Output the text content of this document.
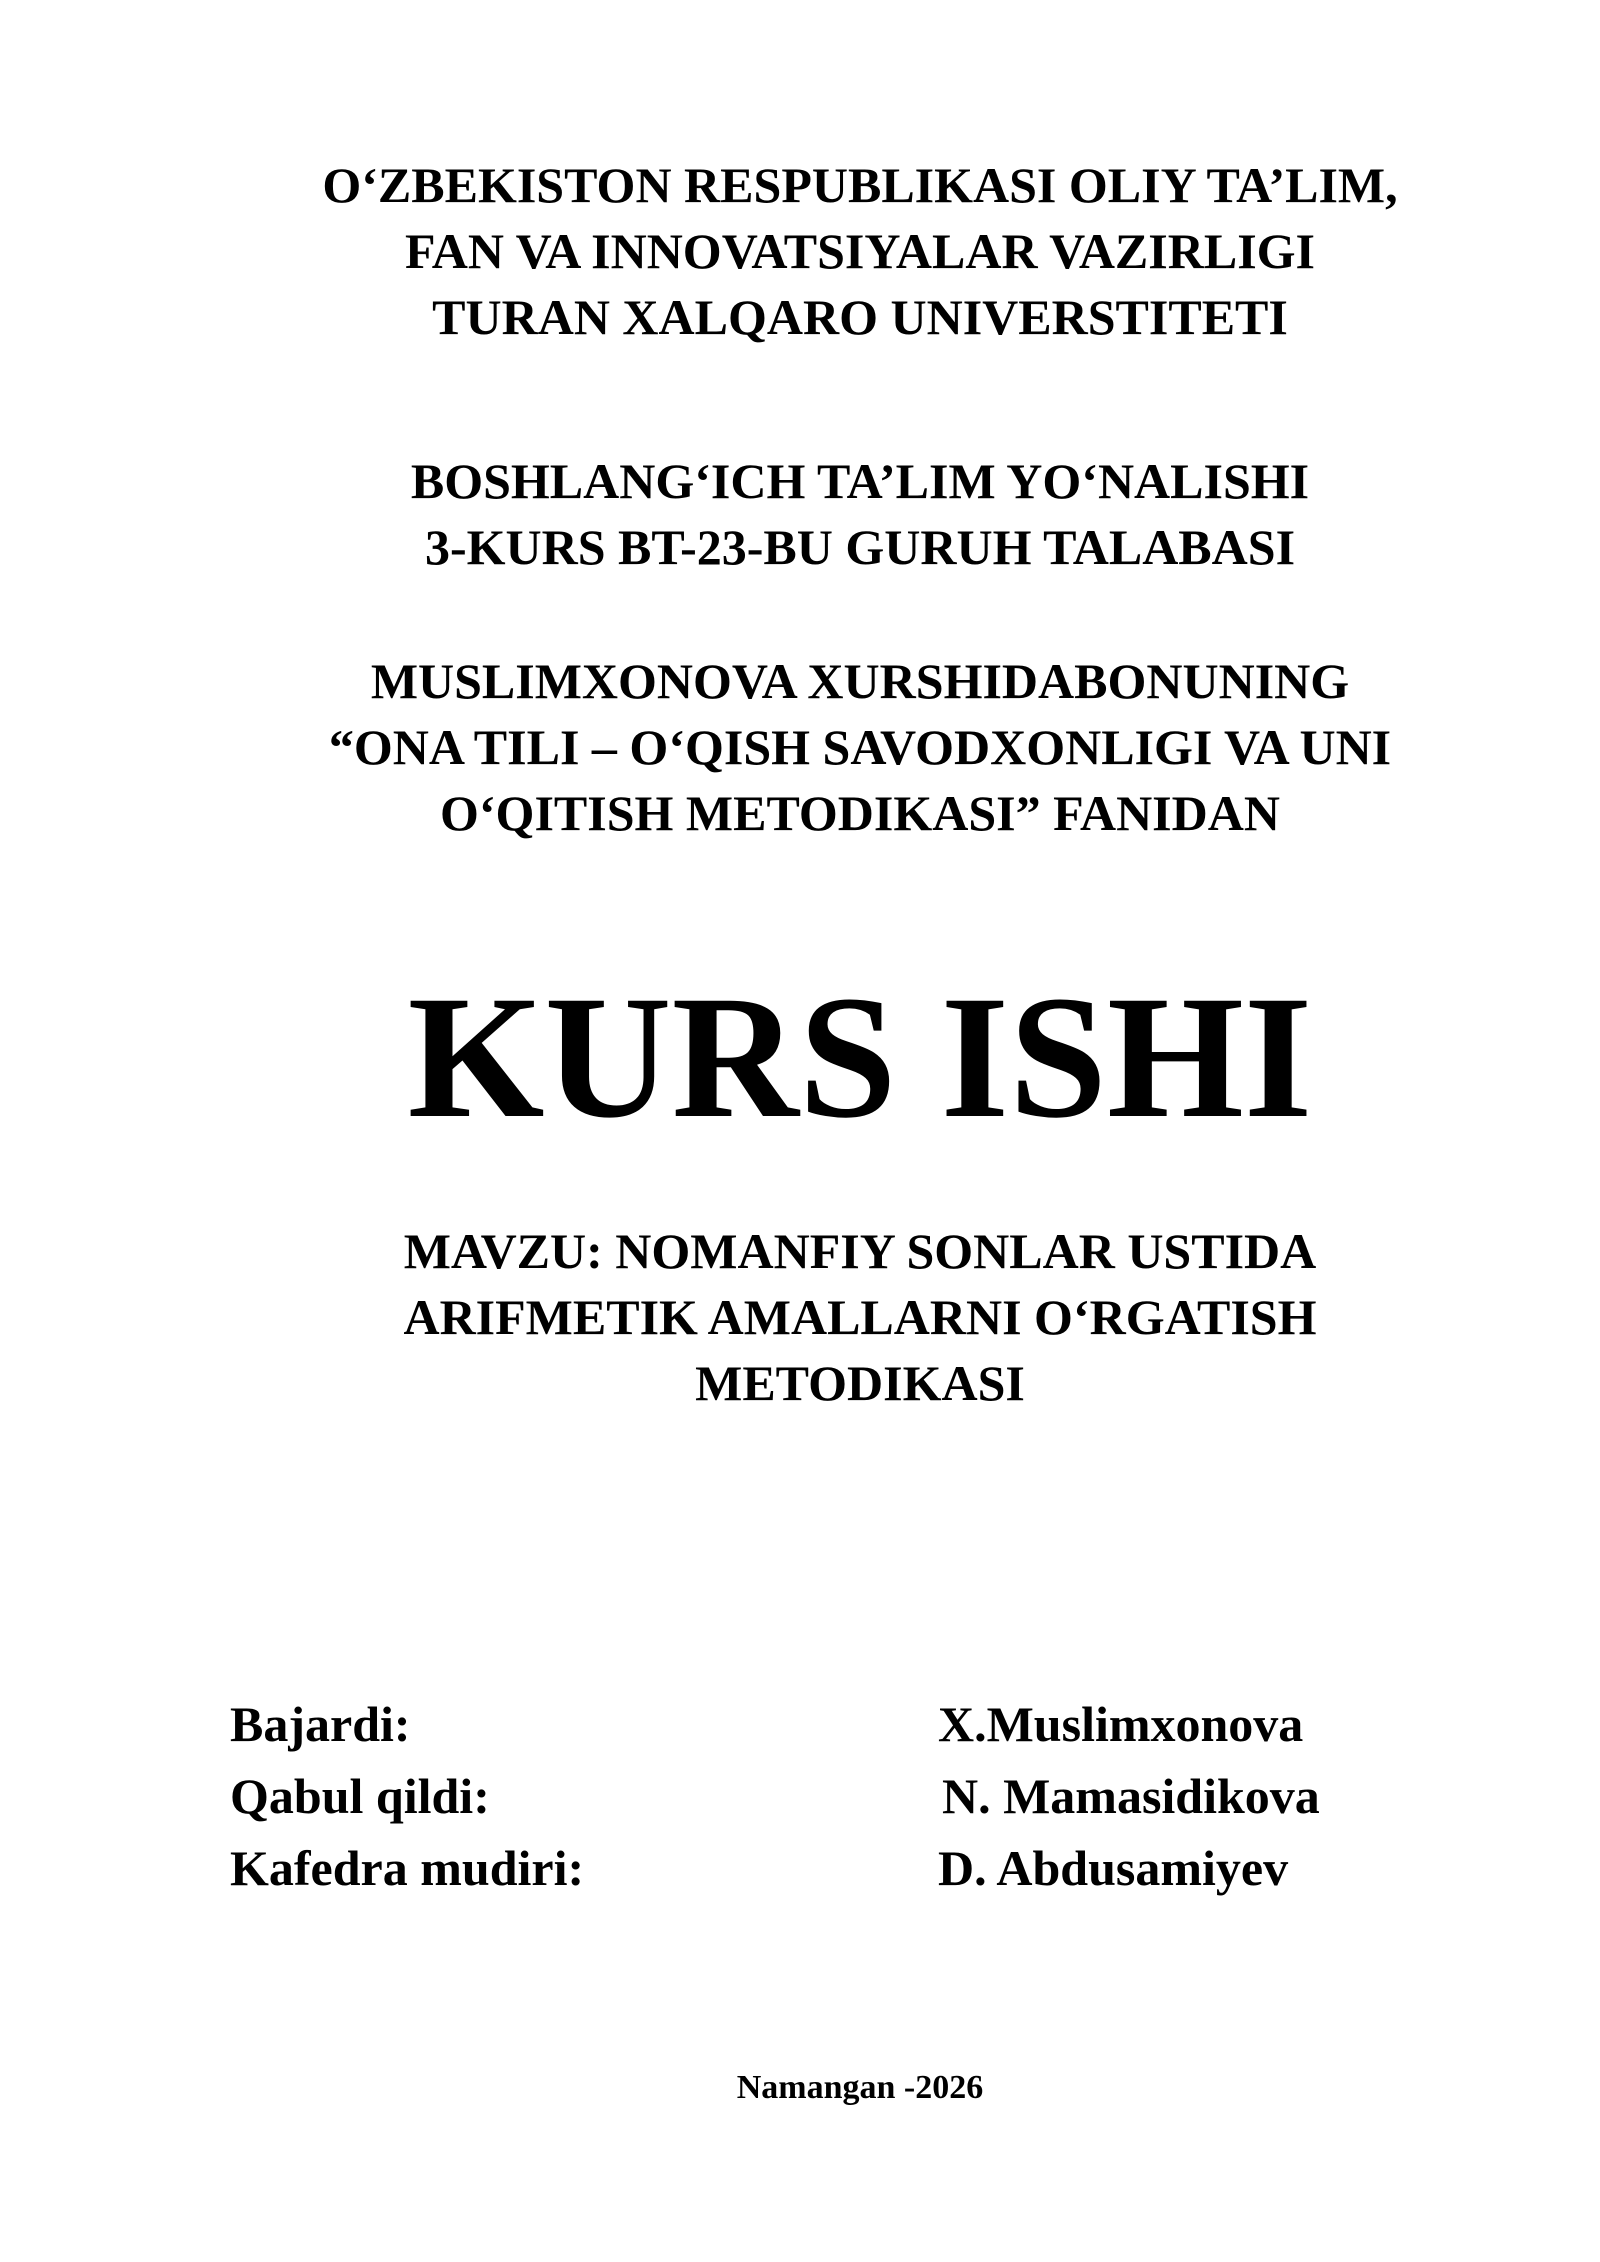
O‘ZBEKISTON RESPUBLIKASI OLIY TA’LIM,
FAN VA INNOVATSIYALAR VAZIRLIGI
TURAN XALQARO UNIVERSTITETI
BOSHLANG‘ICH TA’LIM YO‘NALISHI
3-KURS BT-23-BU GURUH TALABASI
MUSLIMXONOVA XURSHIDABONUNING
“ONA TILI – O‘QISH SAVODXONLIGI VA UNI
O‘QITISH METODIKASI” FANIDAN
KURS ISHI
MAVZU: NOMANFIY SONLAR USTIDA
ARIFMETIK AMALLARNI O‘RGATISH
METODIKASI
Bajardi:	X.Muslimxonova
Qabul qildi:	N. Mamasidikova
Kafedra mudiri:	D. Abdusamiyev
Namangan -2026
